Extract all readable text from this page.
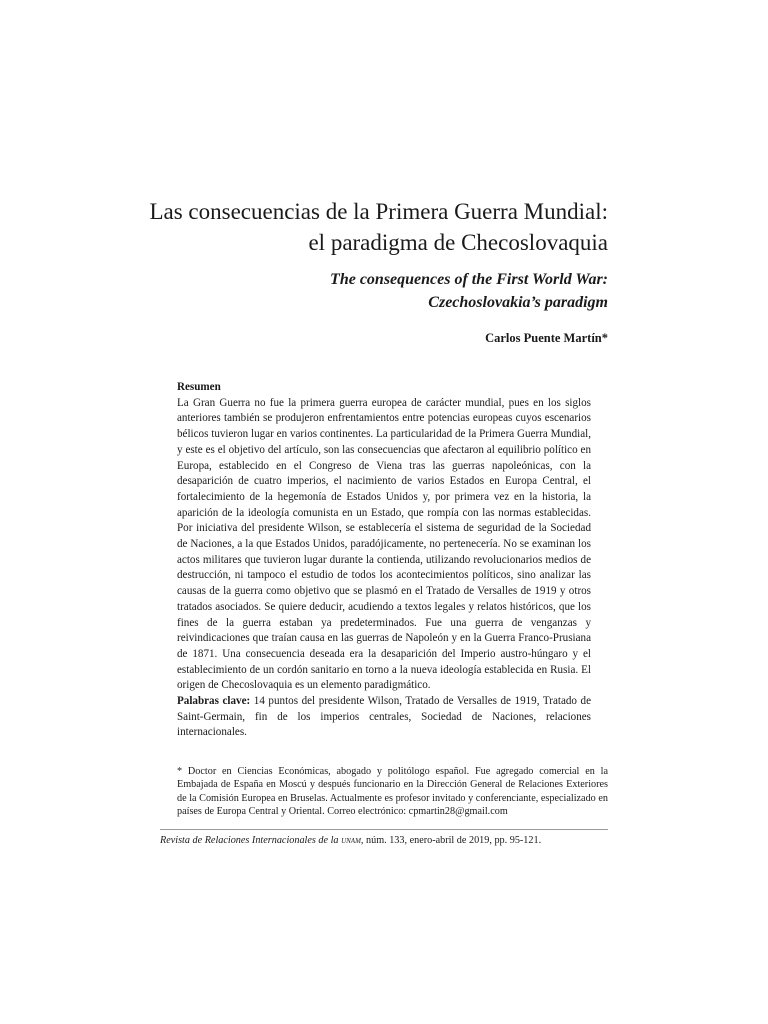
Las consecuencias de la Primera Guerra Mundial:
el paradigma de Checoslovaquia
The consequences of the First World War:
Czechoslovakia’s paradigm

Carlos Puente Martín*

Resumen

La Gran Guerra no fue la primera guerra europea de carácter mundial, pues en los siglos anteriores también se produjeron enfrentamientos entre potencias europeas cuyos escenarios bélicos tuvieron lugar en varios continentes. La particularidad de la Primera Guerra Mundial, y este es el objetivo del artículo, son las consecuencias que afectaron al equilibrio político en Europa, establecido en el Congreso de Viena tras las guerras napoleónicas, con la desaparición de cuatro imperios, el nacimiento de varios Estados en Europa Central, el fortalecimiento de la hegemonía de Estados Unidos y, por primera vez en la historia, la aparición de la ideología comunista en un Estado, que rompía con las normas establecidas. Por iniciativa del presidente Wilson, se establecería el sistema de seguridad de la Sociedad de Naciones, a la que Estados Unidos, paradójicamente, no pertenecería. No se examinan los actos militares que tuvieron lugar durante la contienda, utilizando revolucionarios medios de destrucción, ni tampoco el estudio de todos los acontecimientos políticos, sino analizar las causas de la guerra como objetivo que se plasmó en el Tratado de Versalles de 1919 y otros tratados asociados. Se quiere deducir, acudiendo a textos legales y relatos históricos, que los fines de la guerra estaban ya predeterminados. Fue una guerra de venganzas y reivindicaciones que traían causa en las guerras de Napoleón y en la Guerra Franco-Prusiana de 1871. Una consecuencia deseada era la desaparición del Imperio austro-húngaro y el establecimiento de un cordón sanitario en torno a la nueva ideología establecida en Rusia. El origen de Checoslovaquia es un elemento paradigmático.

Palabras clave: 14 puntos del presidente Wilson, Tratado de Versalles de 1919, Tratado de Saint-Germain, fin de los imperios centrales, Sociedad de Naciones, relaciones internacionales.

* Doctor en Ciencias Económicas, abogado y politólogo español. Fue agregado comercial en la Embajada de España en Moscú y después funcionario en la Dirección General de Relaciones Exteriores de la Comisión Europea en Bruselas. Actualmente es profesor invitado y conferenciante, especializado en países de Europa Central y Oriental. Correo electrónico: cpmartin28@gmail.com

Revista de Relaciones Internacionales de la unam, núm. 133, enero-abril de 2019, pp. 95-121.
